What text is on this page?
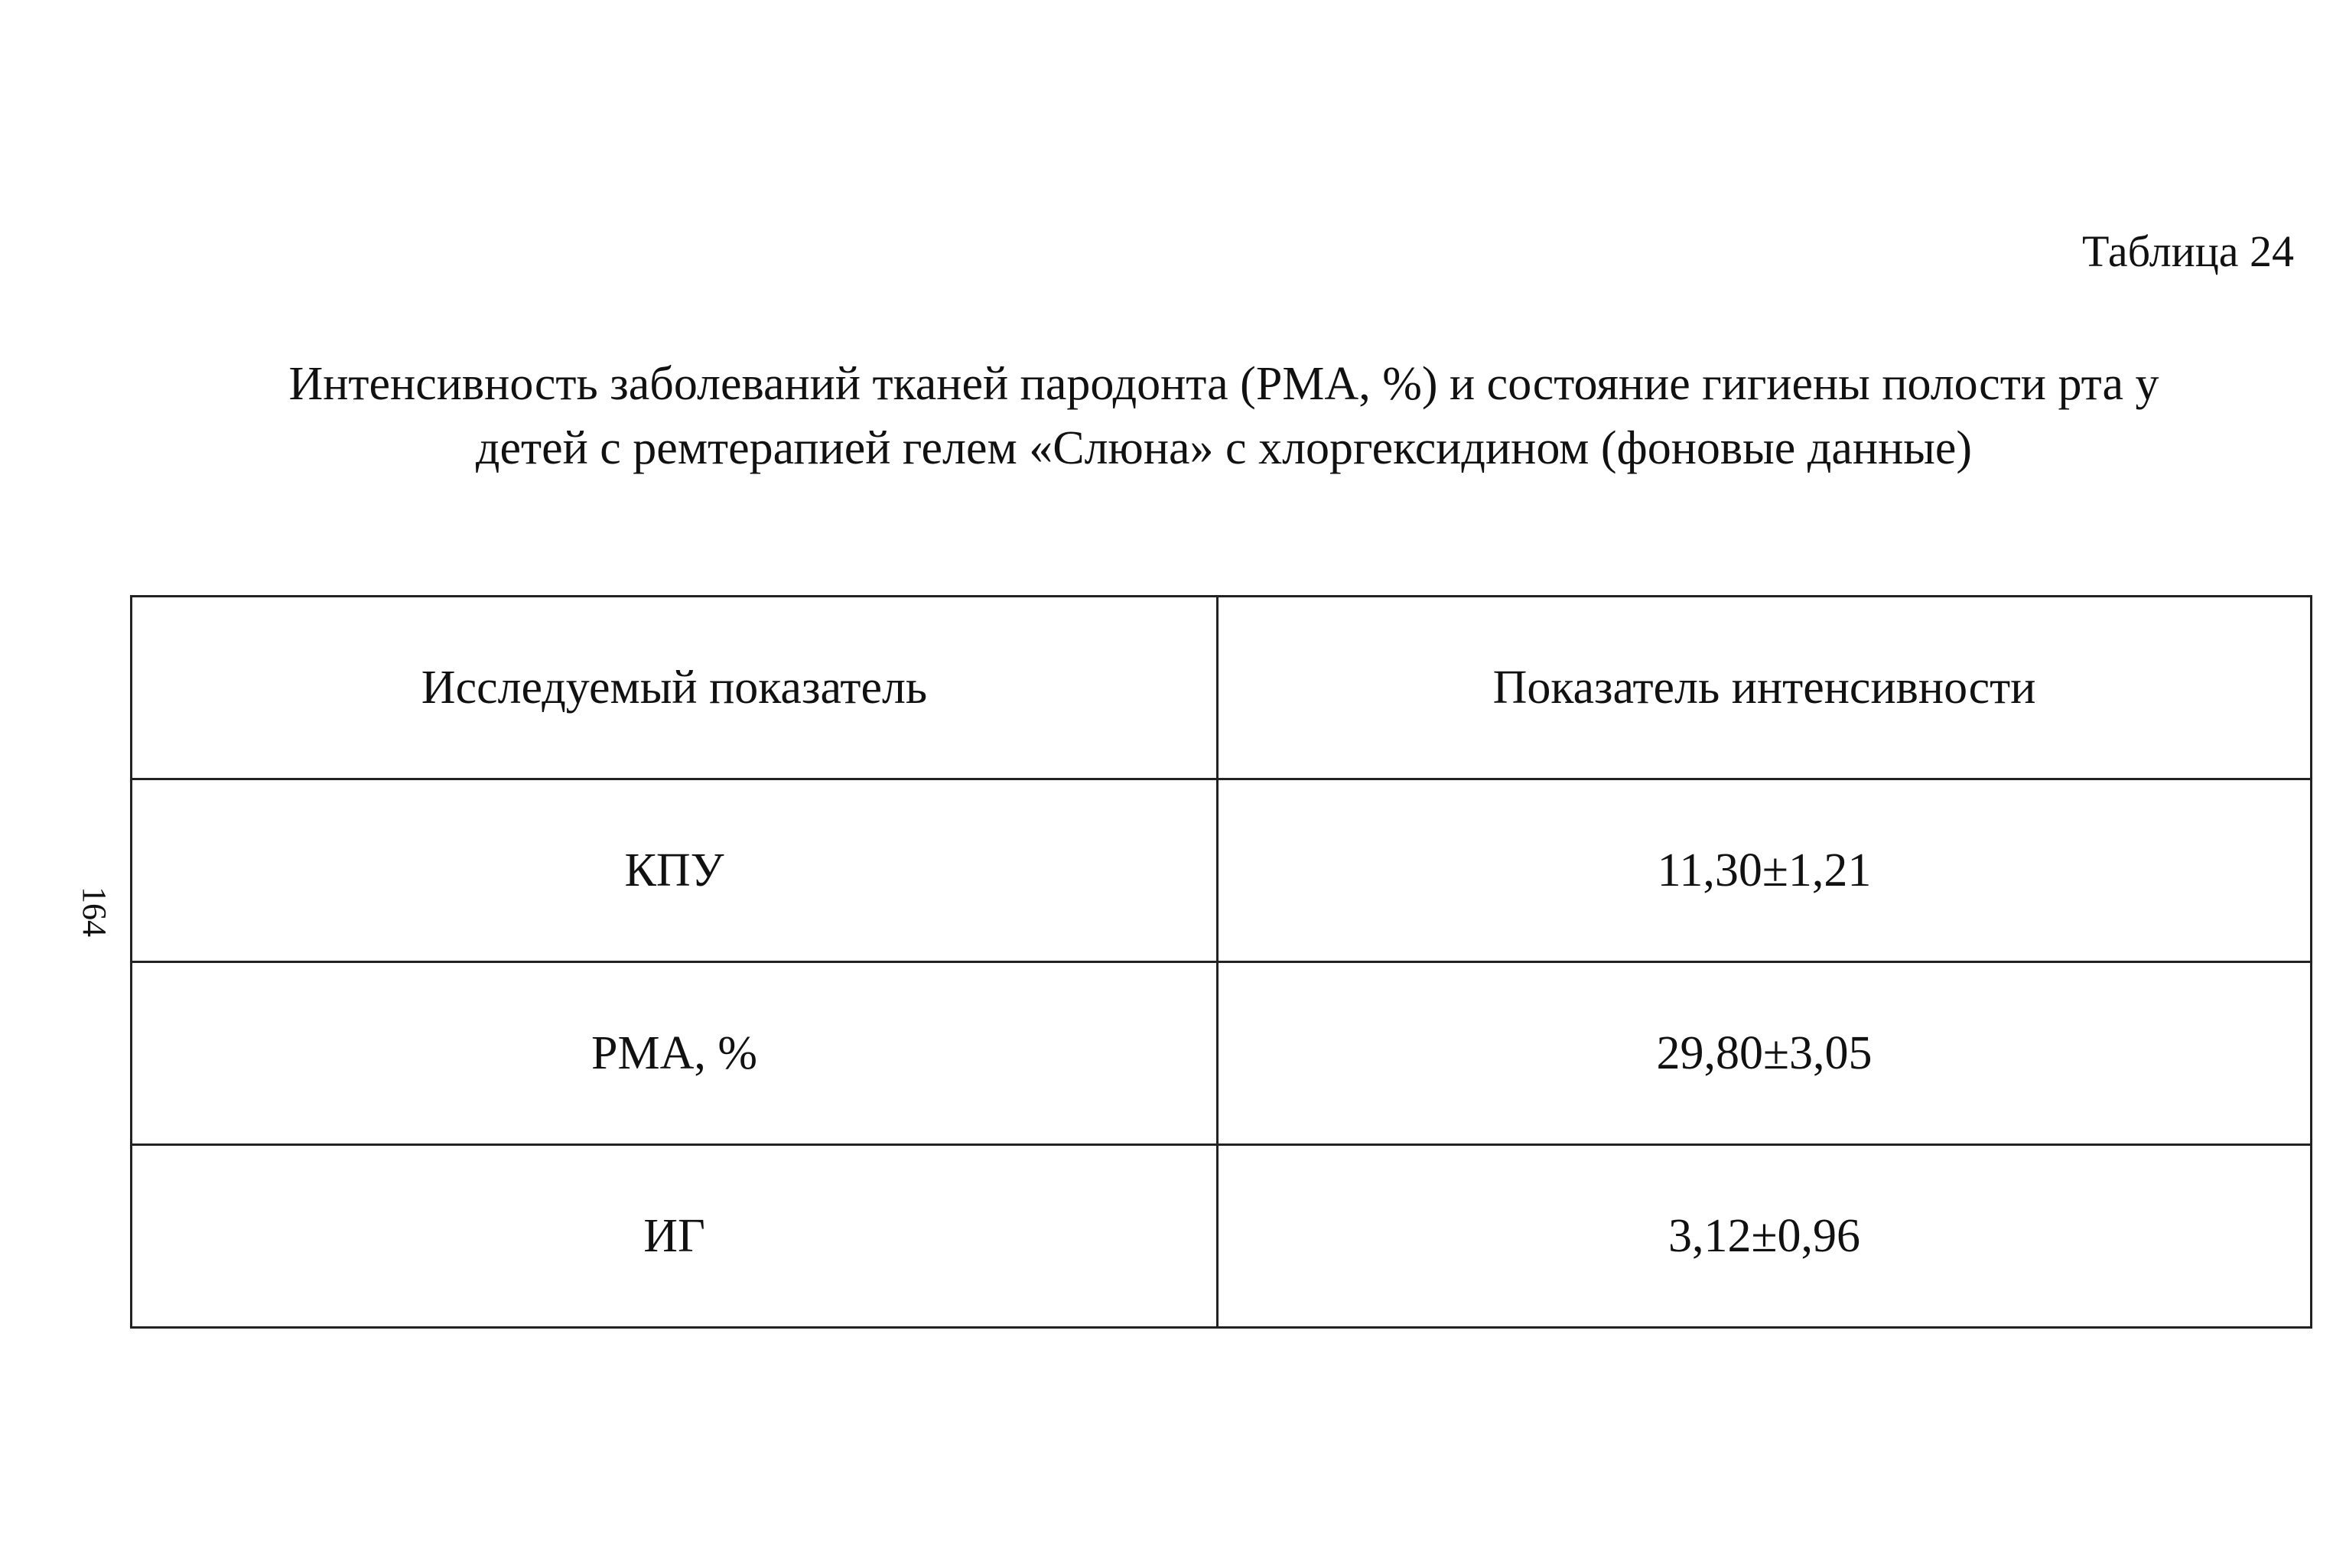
Таблица 24
Интенсивность заболеваний тканей пародонта (РМА, %) и состояние гигиены полости рта у
детей с ремтерапией гелем «Слюна» с хлоргексидином (фоновые данные)
164
Исследуемый показатель	Показатель интенсивности
КПУ	11,30±1,21
РМА, %	29,80±3,05
ИГ	3,12±0,96
